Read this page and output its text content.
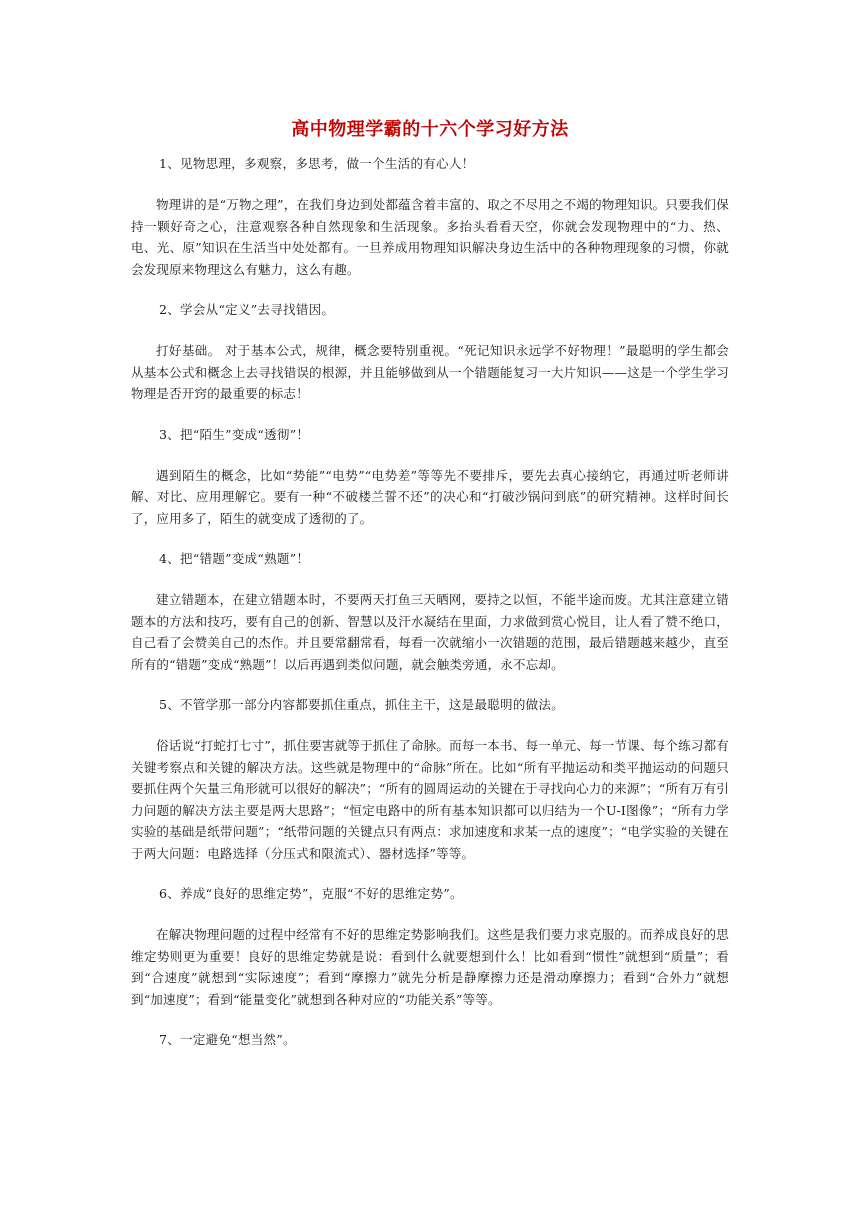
高中物理学霸的十六个学习好方法

1、见物思理，多观察，多思考，做一个生活的有心人！

物理讲的是“万物之理”，在我们身边到处都蕴含着丰富的、取之不尽用之不竭的物理知识。只要我们保持一颗好奇之心，注意观察各种自然现象和生活现象。多抬头看看天空，你就会发现物理中的“力、热、电、光、原”知识在生活当中处处都有。一旦养成用物理知识解决身边生活中的各种物理现象的习惯，你就会发现原来物理这么有魅力，这么有趣。

2、学会从“定义”去寻找错因。

打好基础。 对于基本公式，规律，概念要特别重视。“死记知识永远学不好物理！”最聪明的学生都会从基本公式和概念上去寻找错误的根源，并且能够做到从一个错题能复习一大片知识——这是一个学生学习物理是否开窍的最重要的标志！

3、把“陌生”变成“透彻”！

遇到陌生的概念，比如“势能”“电势”“电势差”等等先不要排斥，要先去真心接纳它，再通过听老师讲解、对比、应用理解它。要有一种“不破楼兰誓不还”的决心和“打破沙锅问到底”的研究精神。这样时间长了，应用多了，陌生的就变成了透彻的了。

4、把“错题”变成“熟题”！

建立错题本，在建立错题本时，不要两天打鱼三天晒网，要持之以恒，不能半途而废。尤其注意建立错题本的方法和技巧，要有自己的创新、智慧以及汗水凝结在里面，力求做到赏心悦目，让人看了赞不绝口，自己看了会赞美自己的杰作。并且要常翻常看，每看一次就缩小一次错题的范围，最后错题越来越少，直至所有的“错题”变成“熟题”！以后再遇到类似问题，就会触类旁通，永不忘却。

5、不管学那一部分内容都要抓住重点，抓住主干，这是最聪明的做法。

俗话说“打蛇打七寸”，抓住要害就等于抓住了命脉。而每一本书、每一单元、每一节课、每个练习都有关键考察点和关键的解决方法。这些就是物理中的“命脉”所在。比如“所有平抛运动和类平抛运动的问题只要抓住两个矢量三角形就可以很好的解决”；“所有的圆周运动的关键在于寻找向心力的来源”；“所有万有引力问题的解决方法主要是两大思路”；“恒定电路中的所有基本知识都可以归结为一个U-I图像”；“所有力学实验的基础是纸带问题”；“纸带问题的关键点只有两点：求加速度和求某一点的速度”；“电学实验的关键在于两大问题：电路选择（分压式和限流式）、器材选择”等等。

6、养成“良好的思维定势”，克服“不好的思维定势”。

在解决物理问题的过程中经常有不好的思维定势影响我们。这些是我们要力求克服的。而养成良好的思维定势则更为重要！良好的思维定势就是说：看到什么就要想到什么！比如看到“惯性”就想到“质量”；看到“合速度”就想到“实际速度”；看到“摩擦力”就先分析是静摩擦力还是滑动摩擦力；看到“合外力”就想到“加速度”；看到“能量变化”就想到各种对应的“功能关系”等等。

7、一定避免“想当然”。
